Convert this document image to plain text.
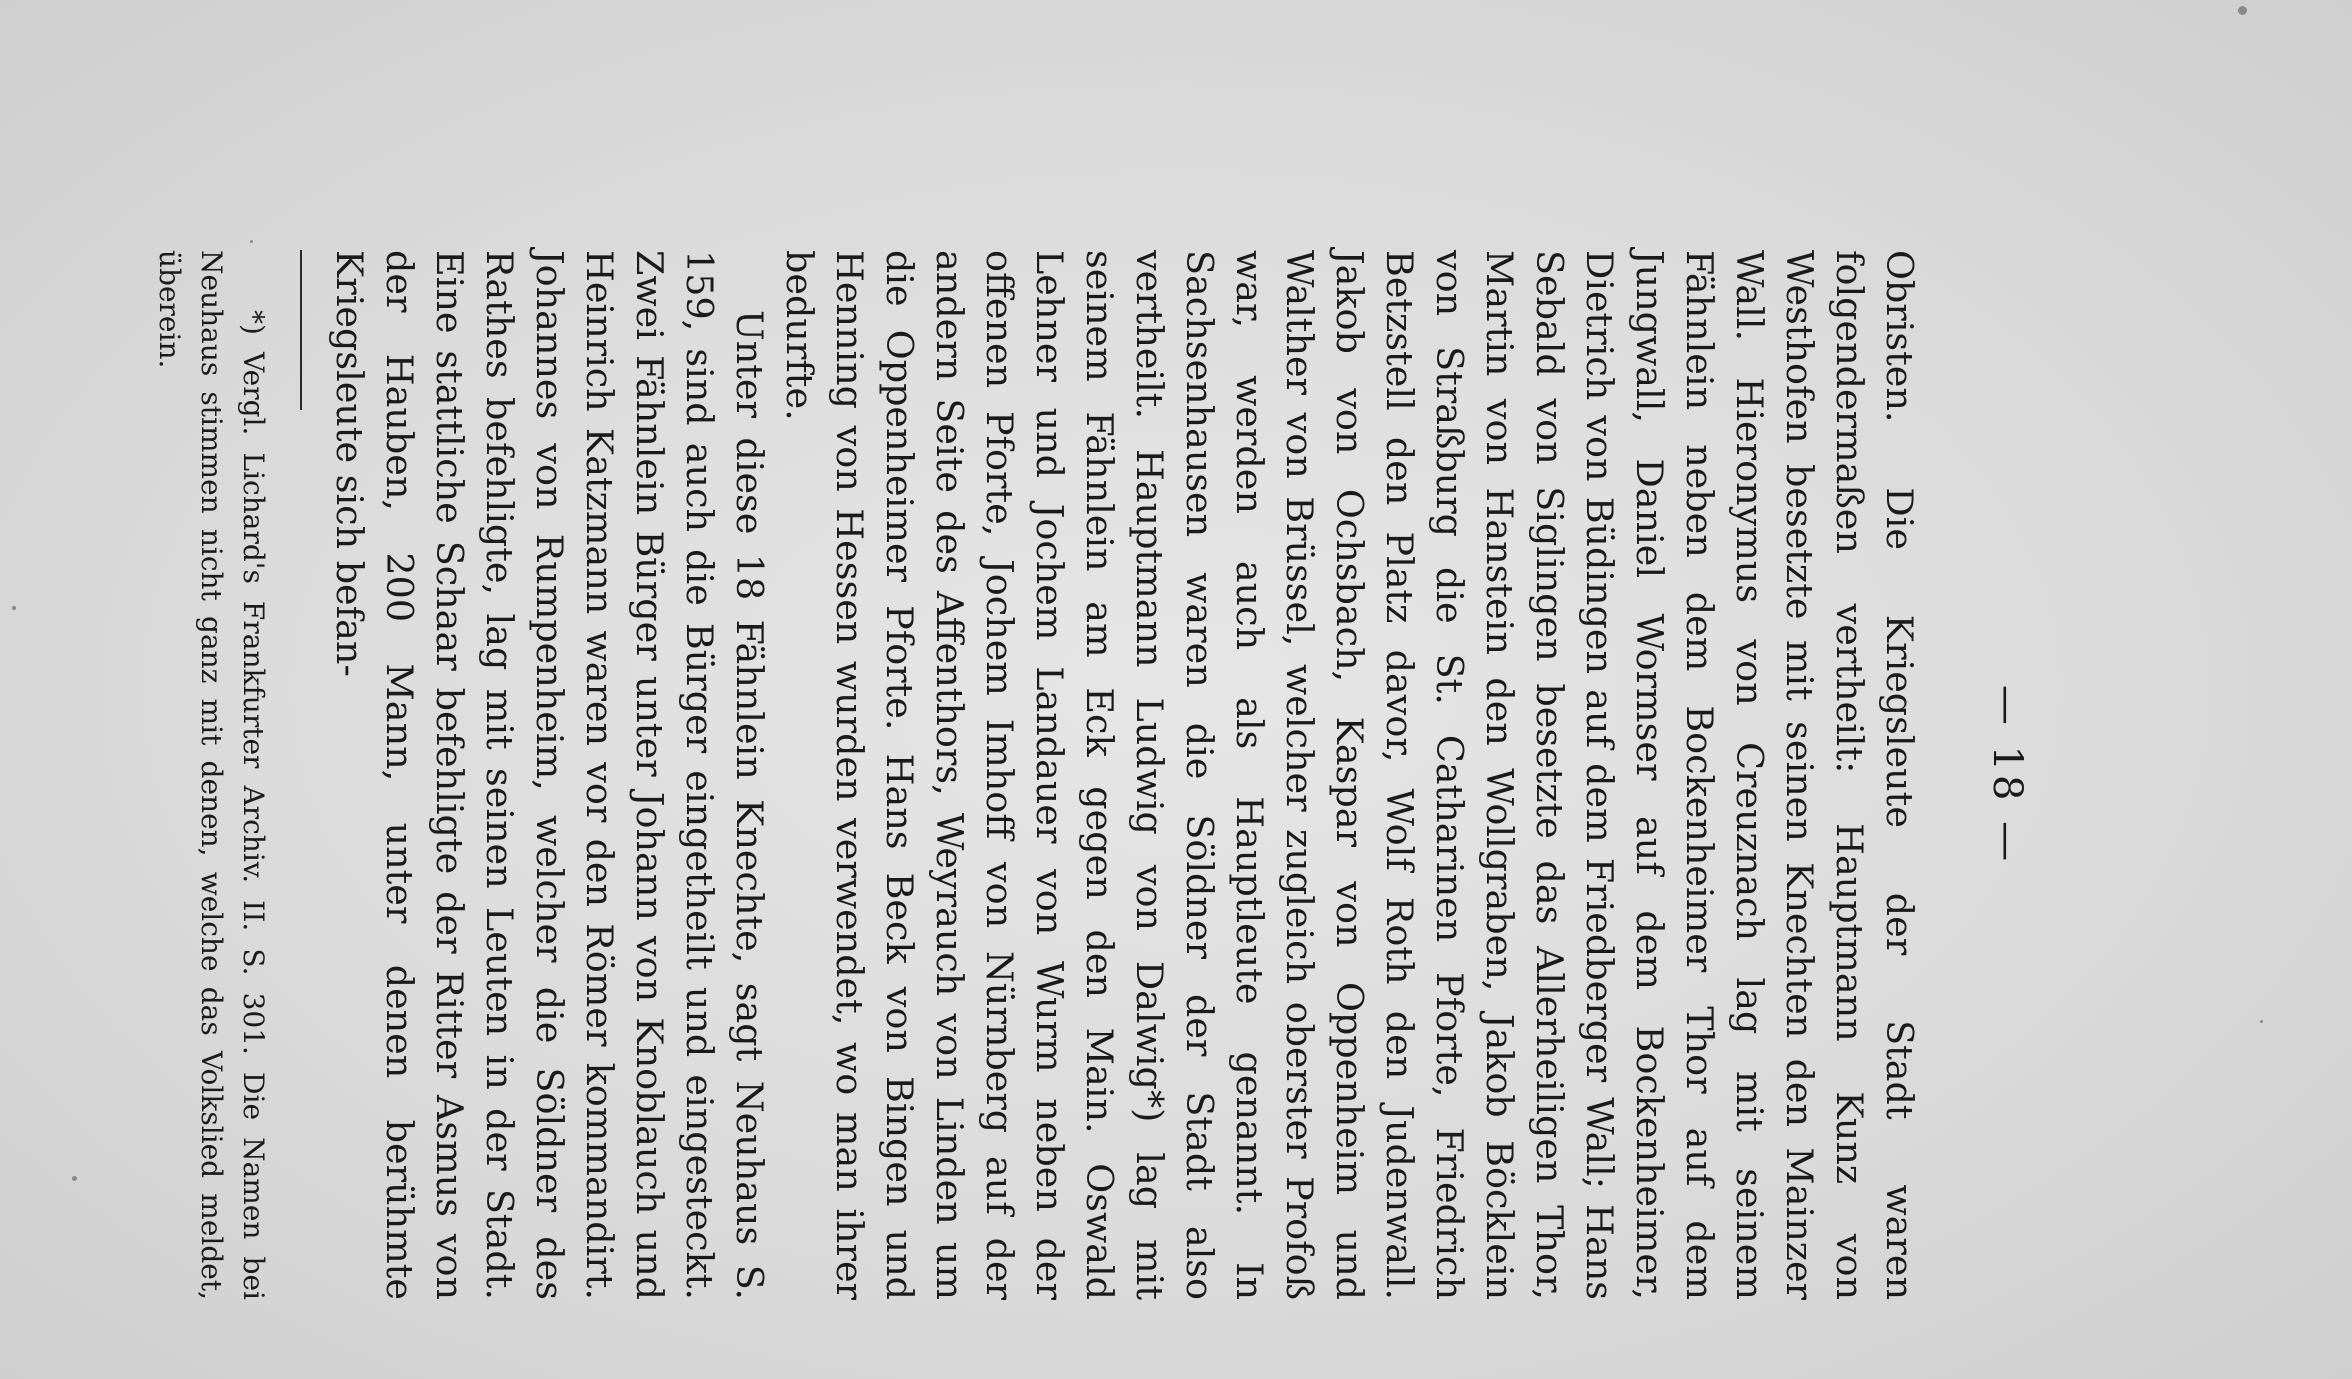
— 18 —

Obristen. Die Kriegsleute der Stadt waren folgendermaßen vertheilt: Hauptmann Kunz von Westhofen besetzte mit seinen Knechten den Mainzer Wall. Hieronymus von Creuznach lag mit seinem Fähnlein neben dem Bockenheimer Thor auf dem Jungwall, Daniel Wormser auf dem Bockenheimer, Dietrich von Büdingen auf dem Friedberger Wall; Hans Sebald von Siglingen besetzte das Allerheiligen Thor, Martin von Hanstein den Wollgraben, Jakob Böcklein von Straßburg die St. Catharinen Pforte, Friedrich Betzstell den Platz davor, Wolf Roth den Judenwall. Jakob von Ochsbach, Kaspar von Oppenheim und Walther von Brüssel, welcher zugleich oberster Profoß war, werden auch als Hauptleute genannt. In Sachsenhausen waren die Söldner der Stadt also vertheilt. Hauptmann Ludwig von Dalwig*) lag mit seinem Fähnlein am Eck gegen den Main. Oswald Lehner und Jochem Landauer von Wurm neben der offenen Pforte, Jochem Imhoff von Nürnberg auf der andern Seite des Affenthors, Weyrauch von Linden um die Oppenheimer Pforte. Hans Beck von Bingen und Henning von Hessen wurden verwendet, wo man ihrer bedurfte.

Unter diese 18 Fähnlein Knechte, sagt Neuhaus S. 159, sind auch die Bürger eingetheilt und eingesteckt. Zwei Fähnlein Bürger unter Johann von Knoblauch und Heinrich Katzmann waren vor den Römer kommandirt. Johannes von Rumpenheim, welcher die Söldner des Rathes befehligte, lag mit seinen Leuten in der Stadt. Eine stattliche Schaar befehligte der Ritter Asmus von der Hauben, 200 Mann, unter denen berühmte Kriegsleute sich befan-

*) Vergl. Lichard's Frankfurter Archiv. II. S. 301. Die Namen bei Neuhaus stimmen nicht ganz mit denen, welche das Volkslied meldet, überein.
